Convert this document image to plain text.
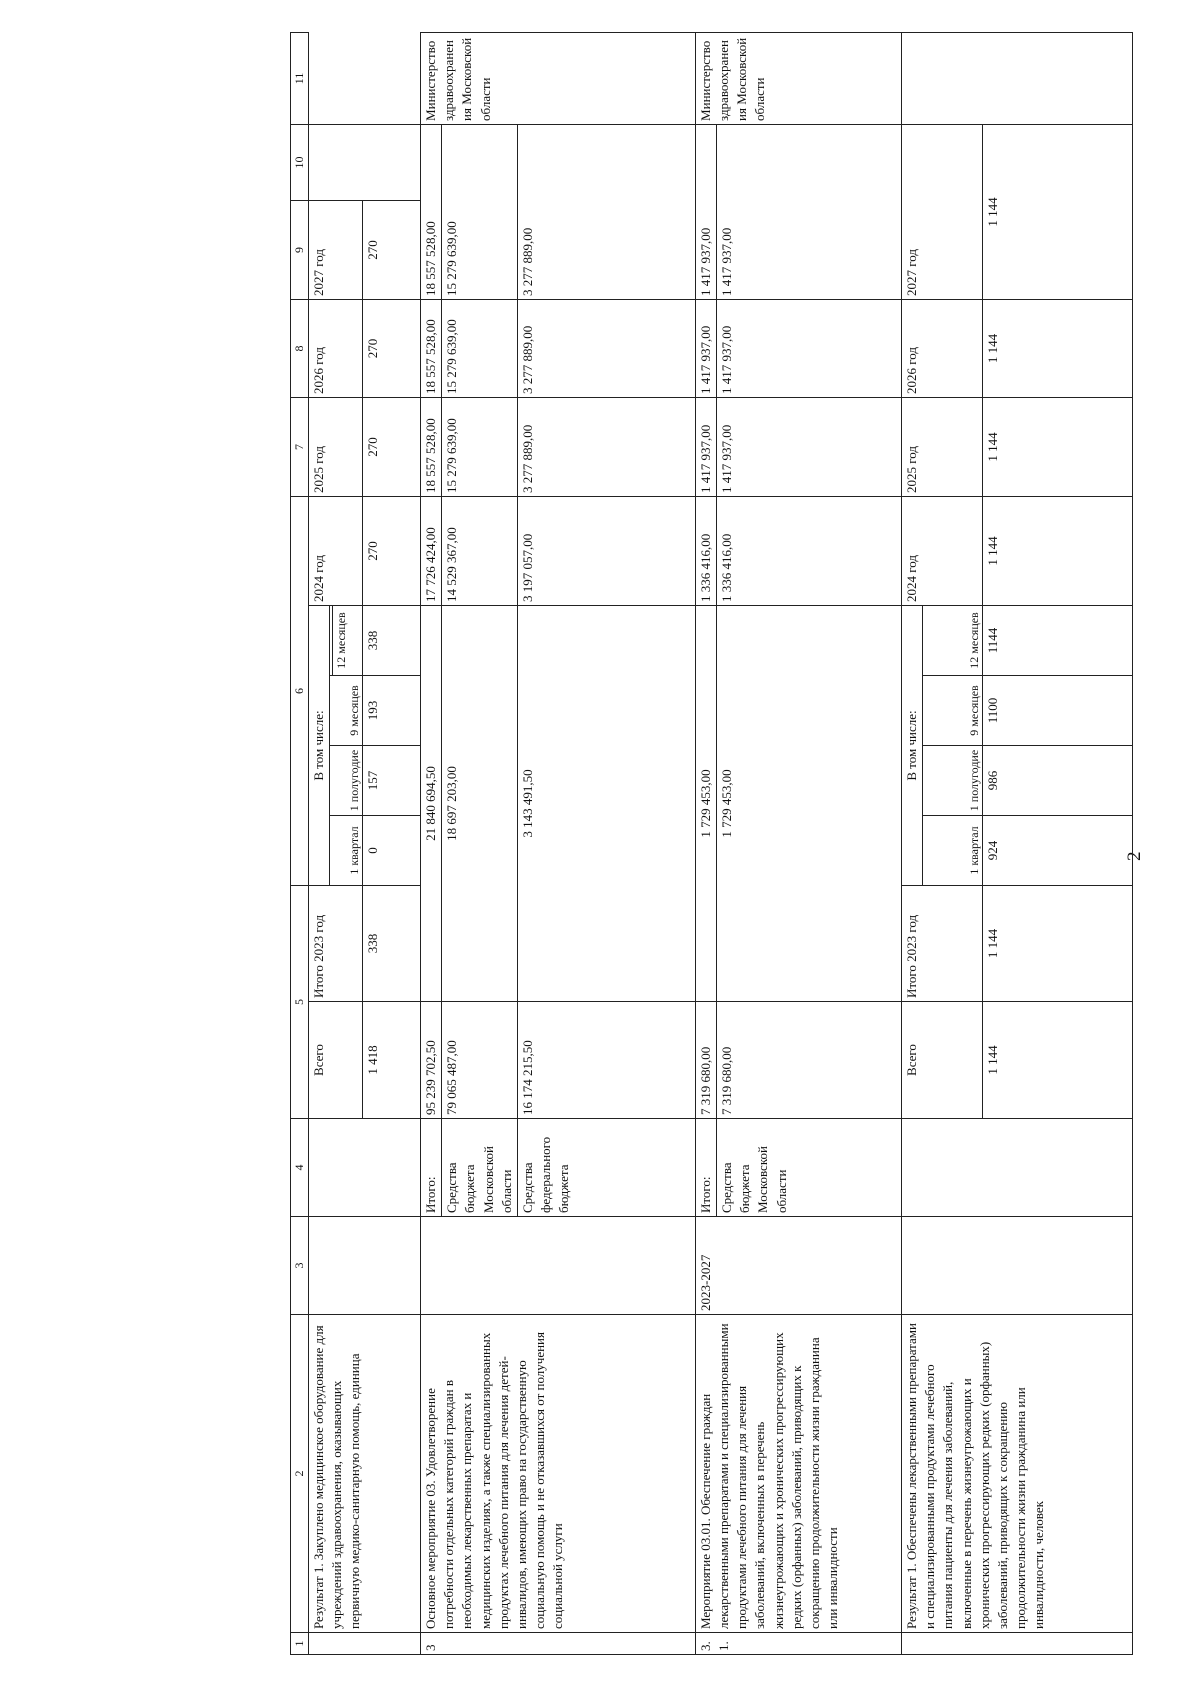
2
1	2	3	4	5		6					7	8	9	10	11
	Результат 1. Закуплено медицинское оборудование для учреждений здравоохранения, оказывающих первичную медико-санитарную помощь, единица			Всего	Итого 2023 год	В том числе:				2024 год	2025 год	2026 год	2027 год		
						1 квартал	1 полугодие	9 месяцев							
									12 месяцев						
				1 418	338	0	157	193	338	270	270	270	270		
3	Основное мероприятие 03. Удовлетворение потребности отдельных категорий граждан в необходимых лекарственных препаратах и медицинских изделиях, а также специализированных продуктах лечебного питания для лечения детей-инвалидов, имеющих право на государственную социальную помощь и не отказавшихся от получения социальной услуги		Итого:	95 239 702,50	21 840 694,50					17 726 424,00	18 557 528,00	18 557 528,00	18 557 528,00		Министерство здравоохранения Московской области
			Средства бюджета Московской области	79 065 487,00	18 697 203,00					14 529 367,00	15 279 639,00	15 279 639,00	15 279 639,00		
			Средства федерального бюджета	16 174 215,50	3 143 491,50					3 197 057,00	3 277 889,00	3 277 889,00	3 277 889,00		
3.1.	Мероприятие 03.01. Обеспечение граждан лекарственными препаратами и специализированными продуктами лечебного питания для лечения заболеваний, включенных в перечень жизнеугрожающих и хронических прогрессирующих редких (орфанных) заболеваний, приводящих к сокращению продолжительности жизни гражданина или инвалидности	2023-2027	Итого:	7 319 680,00	1 729 453,00					1 336 416,00	1 417 937,00	1 417 937,00	1 417 937,00		Министерство здравоохранения Московской области
			Средства бюджета Московской области	7 319 680,00	1 729 453,00					1 336 416,00	1 417 937,00	1 417 937,00	1 417 937,00		
	Результат 1. Обеспечены лекарственными препаратами и специализированными продуктами лечебного питания пациенты для лечения заболеваний, включенные в перечень жизнеугрожающих и хронических прогрессирующих редких (орфанных) заболеваний, приводящих к сокращению продолжительности жизни гражданина или инвалидности, человек			Всего	Итого 2023 год	В том числе:				2024 год	2025 год	2026 год	2027 год		
						1 квартал	1 полугодие	9 месяцев	12 месяцев						
				1 144	1 144	924	986	1100	1144	1 144	1 144	1 144	1 144		
